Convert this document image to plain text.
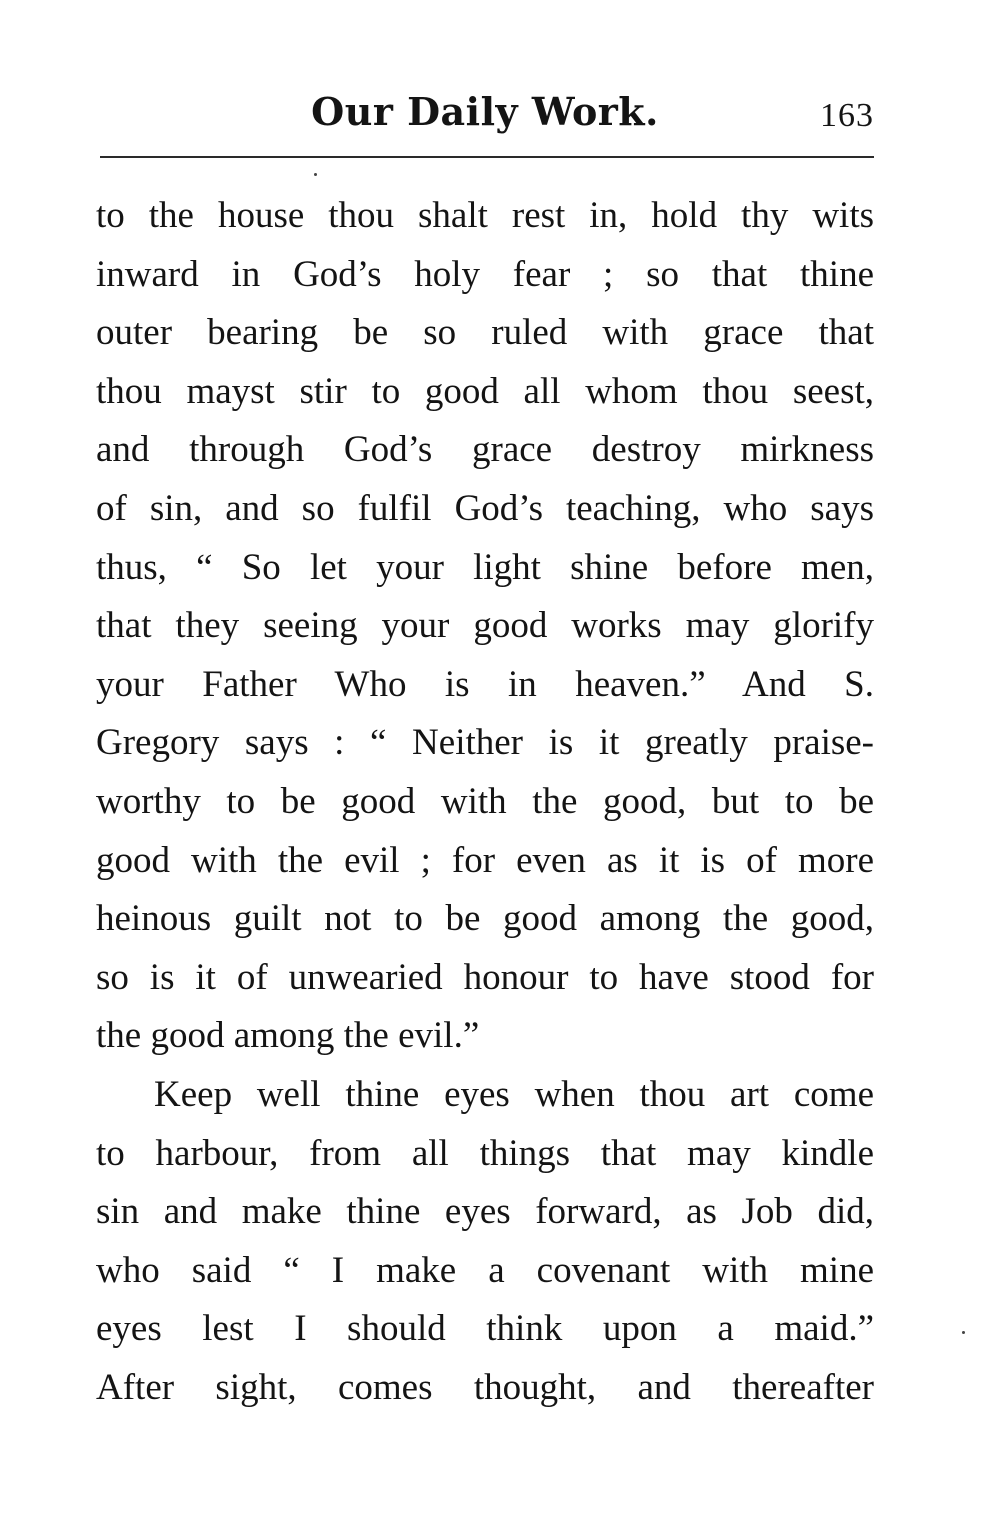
Our Daily Work.	163
to the house thou shalt rest in, hold thy wits
inward in God’s holy fear ; so that thine
outer bearing be so ruled with grace that
thou mayst stir to good all whom thou seest,
and through God’s grace destroy mirkness
of sin, and so fulfil God’s teaching, who says
thus, “ So let your light shine before men,
that they seeing your good works may glorify
your Father Who is in heaven.” And S.
Gregory says : “ Neither is it greatly praise-
worthy to be good with the good, but to be
good with the evil ; for even as it is of more
heinous guilt not to be good among the good,
so is it of unwearied honour to have stood for
the good among the evil.”
Keep well thine eyes when thou art come
to harbour, from all things that may kindle
sin and make thine eyes forward, as Job did,
who said “ I make a covenant with mine
eyes lest I should think upon a maid.”
After sight, comes thought, and thereafter
